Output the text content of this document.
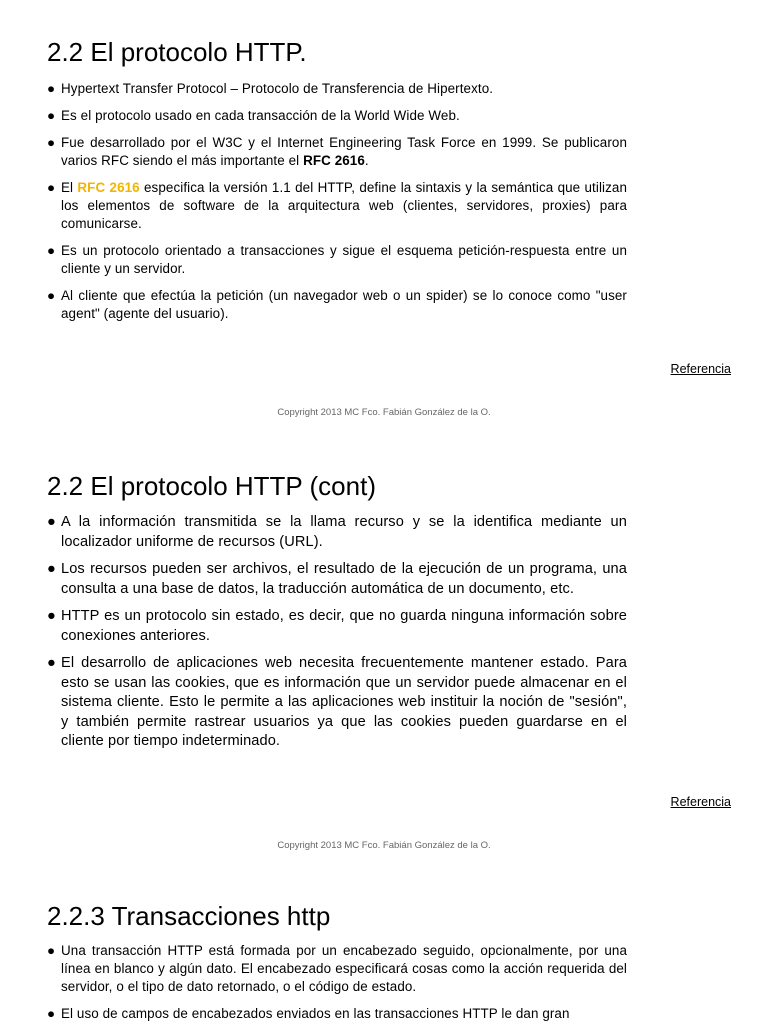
2.2 El protocolo HTTP.
● Hypertext Transfer Protocol – Protocolo de Transferencia de Hipertexto.
● Es el protocolo usado en cada transacción de la World Wide Web.
● Fue desarrollado por el W3C y el Internet Engineering Task Force en 1999. Se publicaron varios RFC siendo el más importante el RFC 2616.
● El RFC 2616 especifica la versión 1.1 del HTTP, define la sintaxis y la semántica que utilizan los elementos de software de la arquitectura web (clientes, servidores, proxies) para comunicarse.
● Es un protocolo orientado a transacciones y sigue el esquema petición-respuesta entre un cliente y un servidor.
● Al cliente que efectúa la petición (un navegador web o un spider) se lo conoce como "user agent" (agente del usuario).
Referencia
Copyright 2013 MC Fco. Fabián González de la O.
2.2 El protocolo HTTP (cont)
● A la información transmitida se la llama recurso y se la identifica mediante un localizador uniforme de recursos (URL).
● Los recursos pueden ser archivos, el resultado de la ejecución de un programa, una consulta a una base de datos, la traducción automática de un documento, etc.
● HTTP es un protocolo sin estado, es decir, que no guarda ninguna información sobre conexiones anteriores.
● El desarrollo de aplicaciones web necesita frecuentemente mantener estado. Para esto se usan las cookies, que es información que un servidor puede almacenar en el sistema cliente. Esto le permite a las aplicaciones web instituir la noción de "sesión", y también permite rastrear usuarios ya que las cookies pueden guardarse en el cliente por tiempo indeterminado.
Referencia
Copyright 2013 MC Fco. Fabián González de la O.
2.2.3 Transacciones http
● Una transacción HTTP está formada por un encabezado seguido, opcionalmente, por una línea en blanco y algún dato. El encabezado especificará cosas como la acción requerida del servidor, o el tipo de dato retornado, o el código de estado.
● El uso de campos de encabezados enviados en las transacciones HTTP le dan gran
